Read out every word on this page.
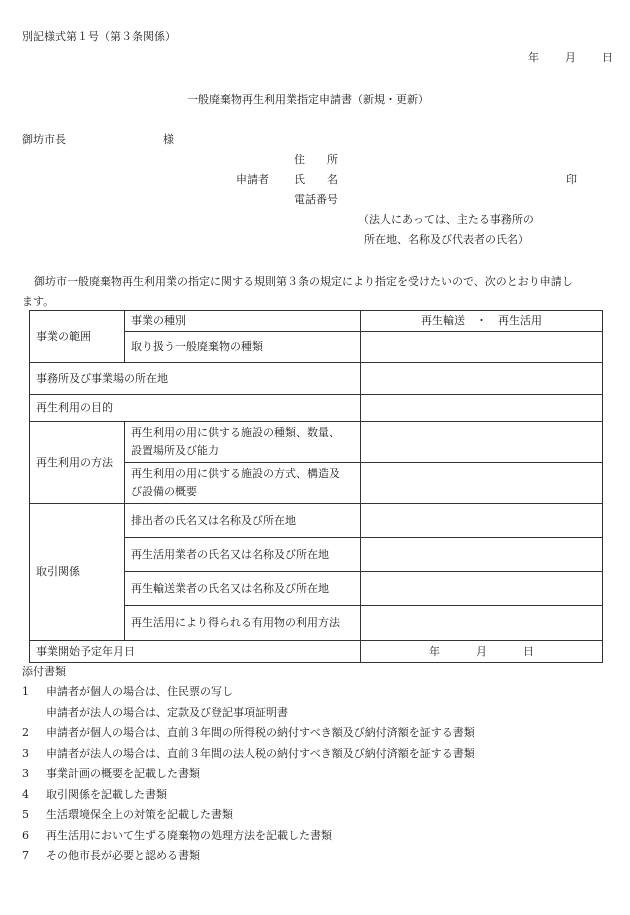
別記様式第１号（第３条関係）
年 月 日
一般廃棄物再生利用業指定申請書（新規・更新）
御坊市長	様
住 所
申請者 氏 名	印
電話番号
（法人にあっては、主たる事務所の
所在地、名称及び代表者の氏名）
御坊市一般廃棄物再生利用業の指定に関する規則第３条の規定により指定を受けたいので、次のとおり申請し
ます。
事業の範囲	事業の種別	再生輸送　・　再生活用
	取り扱う一般廃棄物の種類	
事務所及び事業場の所在地		
再生利用の目的		
再生利用の方法	再生利用の用に供する施設の種類、数量、
設置場所及び能力	

	再生利用の用に供する施設の方式、構造及
び設備の概要	

取引関係	排出者の氏名又は名称及び所在地	
	再生活用業者の氏名又は名称及び所在地	
	再生輸送業者の氏名又は名称及び所在地	
	再生活用により得られる有用物の利用方法	
事業開始予定年月日		年 月 日
添付書類
1 申請者が個人の場合は、住民票の写し
申請者が法人の場合は、定款及び登記事項証明書
2 申請者が個人の場合は、直前３年間の所得税の納付すべき額及び納付済額を証する書類
3 申請者が法人の場合は、直前３年間の法人税の納付すべき額及び納付済額を証する書類
3 事業計画の概要を記載した書類
4 取引関係を記載した書類
5 生活環境保全上の対策を記載した書類
6 再生活用において生ずる廃棄物の処理方法を記載した書類
7 その他市長が必要と認める書類
